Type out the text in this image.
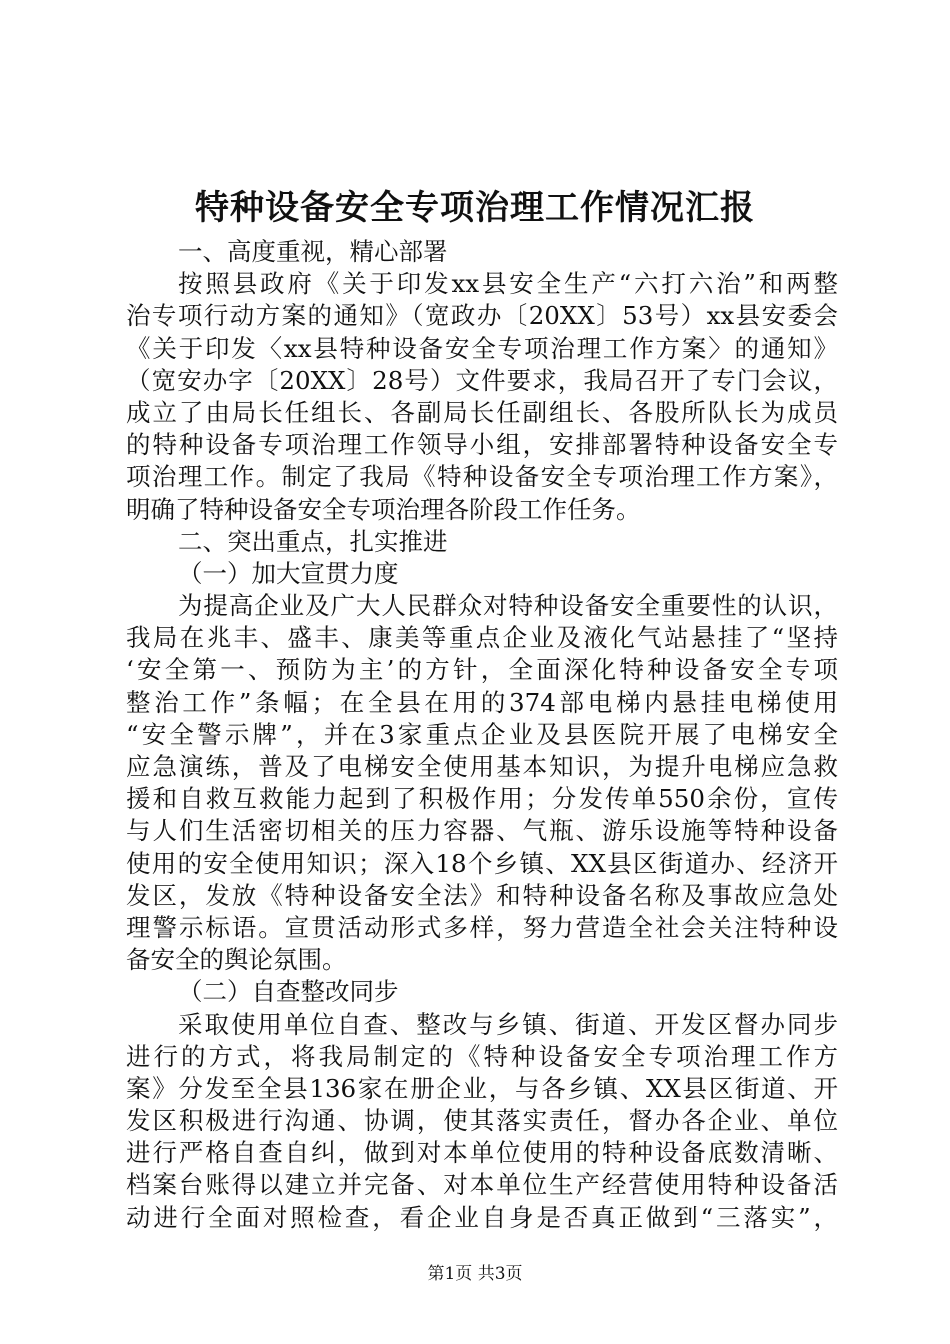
特种设备安全专项治理工作情况汇报
一、高度重视，精心部署
按照县政府《关于印发xx县安全生产“六打六治”和两整
治专项行动方案的通知》（宽政办〔20XX〕53号）xx县安委会
《关于印发〈xx县特种设备安全专项治理工作方案〉的通知》
（宽安办字〔20XX〕28号）文件要求，我局召开了专门会议，
成立了由局长任组长、各副局长任副组长、各股所队长为成员
的特种设备专项治理工作领导小组，安排部署特种设备安全专
项治理工作。制定了我局《特种设备安全专项治理工作方案》，
明确了特种设备安全专项治理各阶段工作任务。
二、突出重点，扎实推进
（一）加大宣贯力度
为提高企业及广大人民群众对特种设备安全重要性的认识，
我局在兆丰、盛丰、康美等重点企业及液化气站悬挂了“坚持
‘安全第一、预防为主’的方针，全面深化特种设备安全专项
整治工作”条幅；在全县在用的374部电梯内悬挂电梯使用
“安全警示牌”，并在3家重点企业及县医院开展了电梯安全
应急演练，普及了电梯安全使用基本知识，为提升电梯应急救
援和自救互救能力起到了积极作用；分发传单550余份，宣传
与人们生活密切相关的压力容器、气瓶、游乐设施等特种设备
使用的安全使用知识；深入18个乡镇、XX县区街道办、经济开
发区，发放《特种设备安全法》和特种设备名称及事故应急处
理警示标语。宣贯活动形式多样，努力营造全社会关注特种设
备安全的舆论氛围。
（二）自查整改同步
采取使用单位自查、整改与乡镇、街道、开发区督办同步
进行的方式，将我局制定的《特种设备安全专项治理工作方
案》分发至全县136家在册企业，与各乡镇、XX县区街道、开
发区积极进行沟通、协调，使其落实责任，督办各企业、单位
进行严格自查自纠，做到对本单位使用的特种设备底数清晰、
档案台账得以建立并完备、对本单位生产经营使用特种设备活
动进行全面对照检查，看企业自身是否真正做到“三落实”，
第1页 共3页
